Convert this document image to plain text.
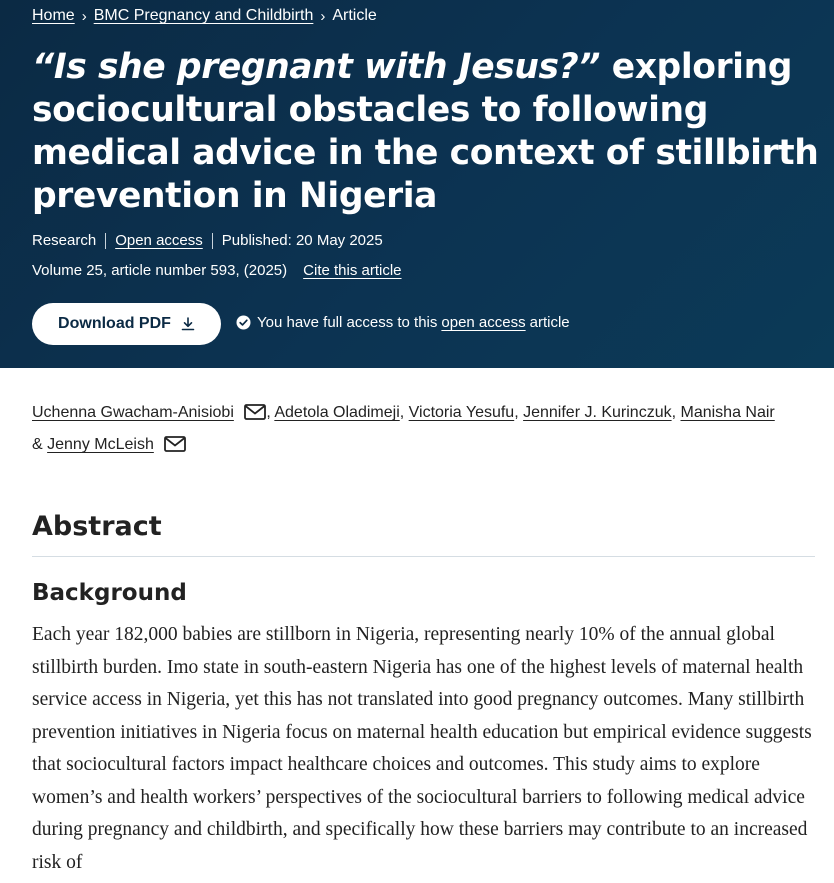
Home › BMC Pregnancy and Childbirth › Article
“Is she pregnant with Jesus?” exploring sociocultural obstacles to following medical advice in the context of stillbirth prevention in Nigeria
Research Open access Published: 20 May 2025
Volume 25, article number 593, (2025) Cite this article
Download PDF	You have full access to this open access article
Uchenna Gwacham-Anisiobi , Adetola Oladimeji, Victoria Yesufu, Jennifer J. Kurinczuk, Manisha Nair
& Jenny McLeish
Abstract
Background

Each year 182,000 babies are stillborn in Nigeria, representing nearly 10% of the annual global stillbirth burden. Imo state in south-eastern Nigeria has one of the highest levels of maternal health service access in Nigeria, yet this has not translated into good pregnancy outcomes. Many stillbirth prevention initiatives in Nigeria focus on maternal health education but empirical evidence suggests that sociocultural factors impact healthcare choices and outcomes. This study aims to explore women’s and health workers’ perspectives of the sociocultural barriers to following medical advice during pregnancy and childbirth, and specifically how these barriers may contribute to an increased risk of
